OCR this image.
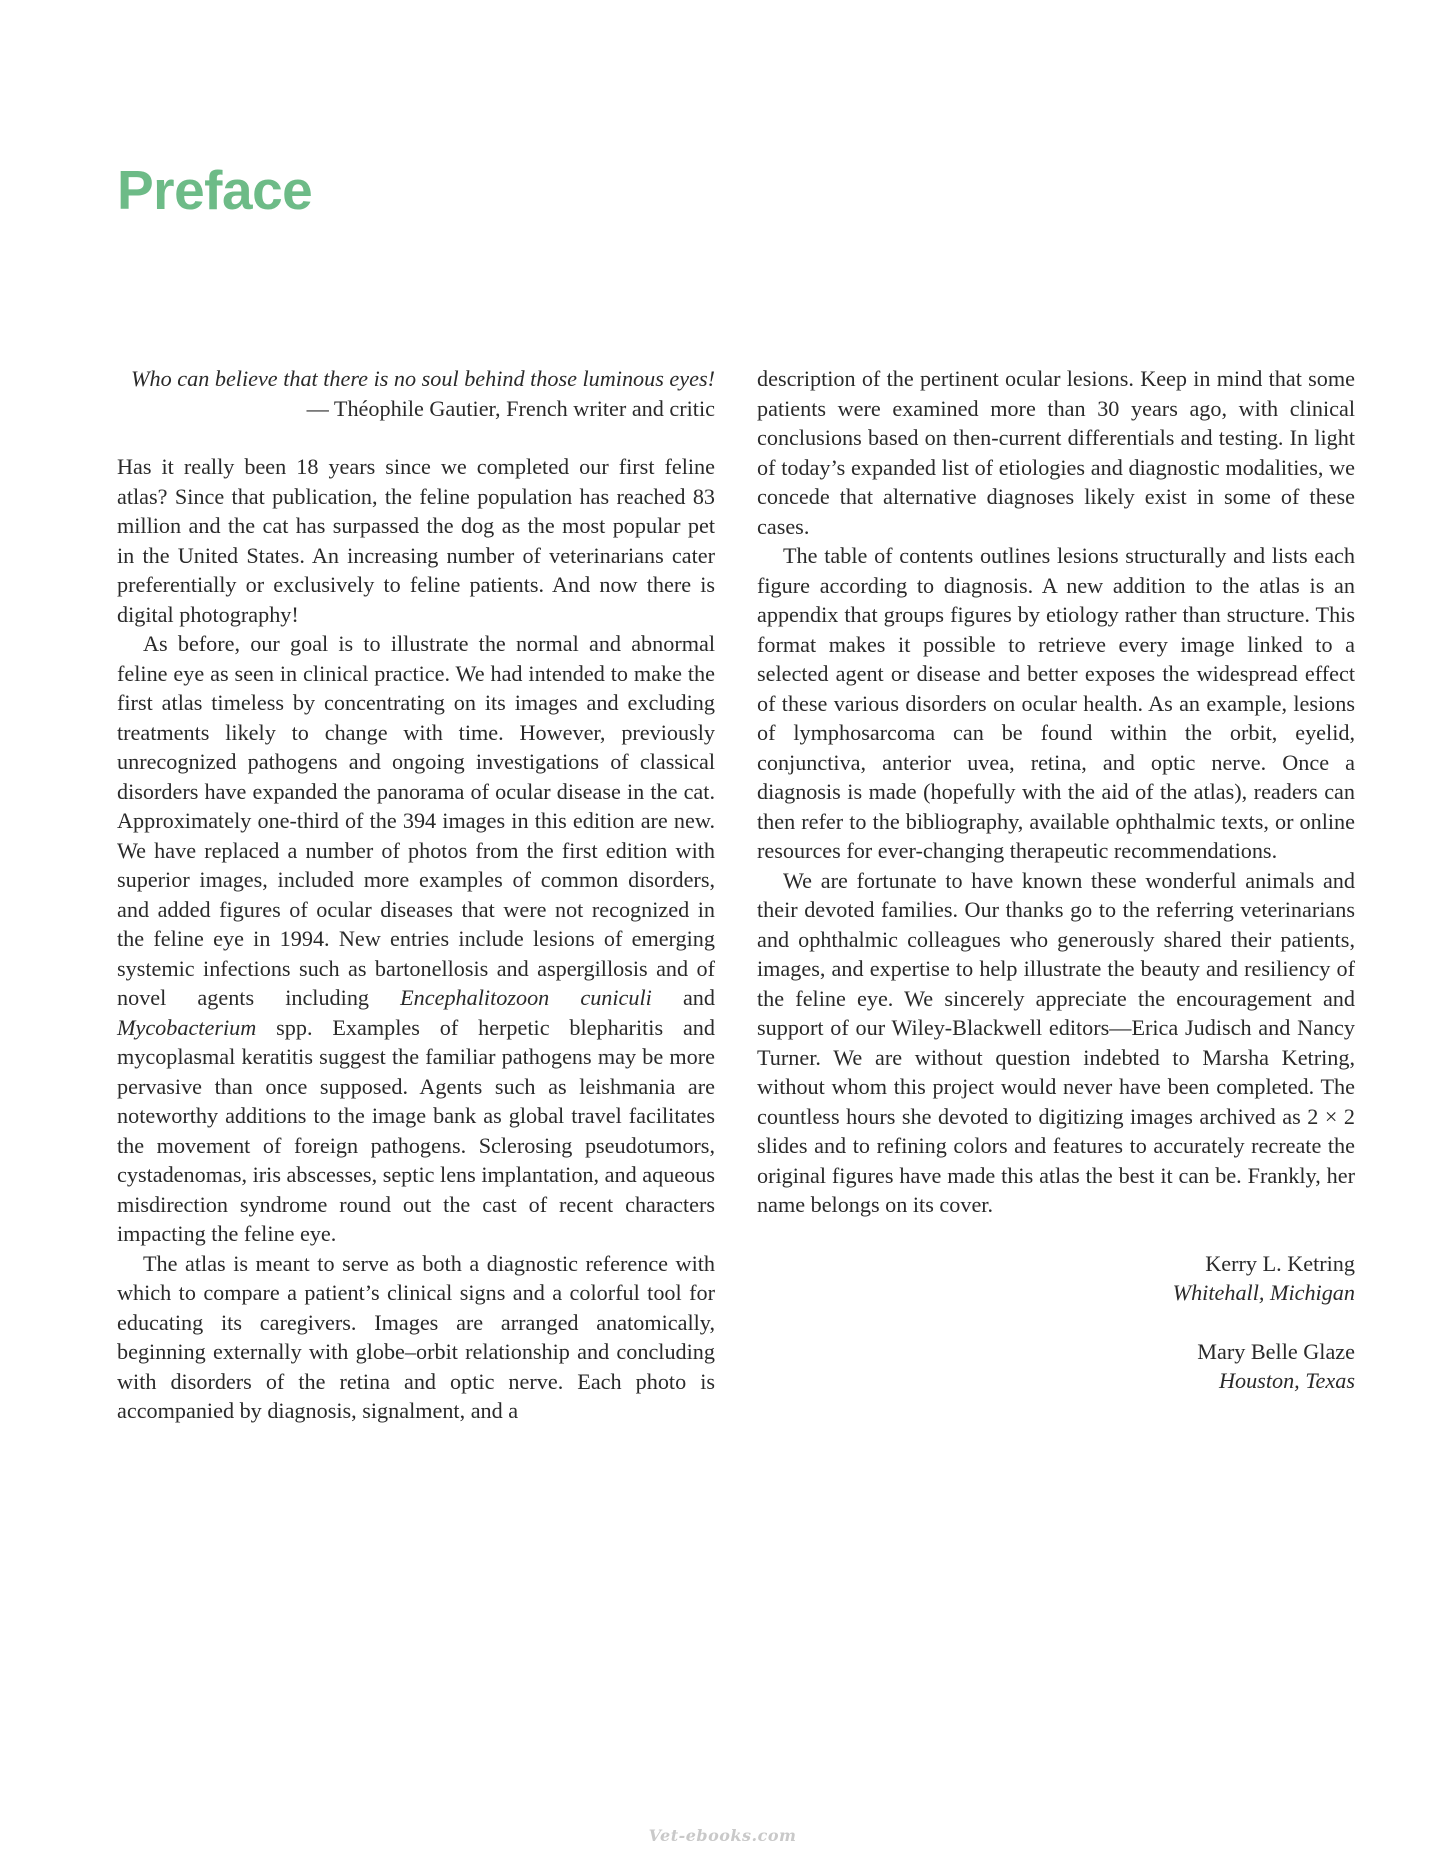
Preface
Who can believe that there is no soul behind those luminous eyes!
— Théophile Gautier, French writer and critic

Has it really been 18 years since we completed our first feline atlas? Since that publication, the feline population has reached 83 million and the cat has surpassed the dog as the most popular pet in the United States. An increasing number of veterinarians cater preferentially or exclusively to feline patients. And now there is digital photography!

As before, our goal is to illustrate the normal and abnormal feline eye as seen in clinical practice. We had intended to make the first atlas timeless by concentrating on its images and excluding treatments likely to change with time. However, previously unrecognized pathogens and ongoing investigations of classical disorders have expanded the panorama of ocular disease in the cat. Approximately one-third of the 394 images in this edition are new. We have replaced a number of photos from the first edition with superior images, included more examples of common disorders, and added figures of ocular diseases that were not recognized in the feline eye in 1994. New entries include lesions of emerging systemic infections such as bartonellosis and aspergillosis and of novel agents including Encephalitozoon cuniculi and Mycobacterium spp. Examples of herpetic blepharitis and mycoplasmal keratitis suggest the familiar pathogens may be more pervasive than once supposed. Agents such as leishmania are noteworthy additions to the image bank as global travel facilitates the movement of foreign pathogens. Sclerosing pseudotumors, cystadenomas, iris abscesses, septic lens implantation, and aqueous misdirection syndrome round out the cast of recent characters impacting the feline eye.

The atlas is meant to serve as both a diagnostic reference with which to compare a patient’s clinical signs and a colorful tool for educating its caregivers. Images are arranged anatomically, beginning externally with globe–orbit relationship and concluding with disorders of the retina and optic nerve. Each photo is accompanied by diagnosis, signalment, and a

description of the pertinent ocular lesions. Keep in mind that some patients were examined more than 30 years ago, with clinical conclusions based on then-current differentials and testing. In light of today’s expanded list of etiologies and diagnostic modalities, we concede that alternative diagnoses likely exist in some of these cases.

The table of contents outlines lesions structurally and lists each figure according to diagnosis. A new addition to the atlas is an appendix that groups figures by etiology rather than structure. This format makes it possible to retrieve every image linked to a selected agent or disease and better exposes the widespread effect of these various disorders on ocular health. As an example, lesions of lymphosarcoma can be found within the orbit, eyelid, conjunctiva, anterior uvea, retina, and optic nerve. Once a diagnosis is made (hopefully with the aid of the atlas), readers can then refer to the bibliography, available ophthalmic texts, or online resources for ever-changing therapeutic recommendations.

We are fortunate to have known these wonderful animals and their devoted families. Our thanks go to the referring veterinarians and ophthalmic colleagues who generously shared their patients, images, and expertise to help illustrate the beauty and resiliency of the feline eye. We sincerely appreciate the encouragement and support of our Wiley-Blackwell editors—Erica Judisch and Nancy Turner. We are without question indebted to Marsha Ketring, without whom this project would never have been completed. The countless hours she devoted to digitizing images archived as 2 × 2 slides and to refining colors and features to accurately recreate the original figures have made this atlas the best it can be. Frankly, her name belongs on its cover.

Kerry L. Ketring
Whitehall, Michigan
Mary Belle Glaze
Houston, Texas
Vet-ebooks.com
